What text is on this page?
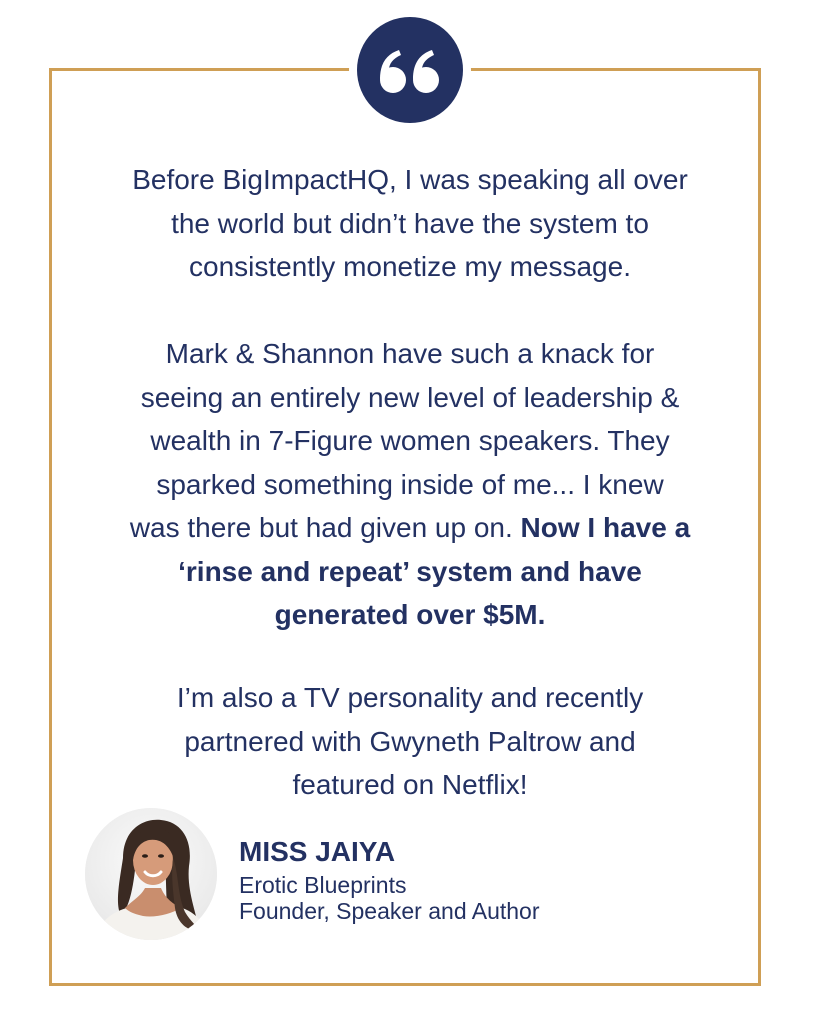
Before BigImpactHQ, I was speaking all over

the world but didn’t have the system to

consistently monetize my message.

Mark & Shannon have such a knack for

seeing an entirely new level of leadership &

wealth in 7-Figure women speakers. They

sparked something inside of me... I knew

was there but had given up on. Now I have a

‘rinse and repeat’ system and have

generated over $5M.

I’m also a TV personality and recently

partnered with Gwyneth Paltrow and

featured on Netflix!

MISS JAIYA
Erotic Blueprints
Founder, Speaker and Author
